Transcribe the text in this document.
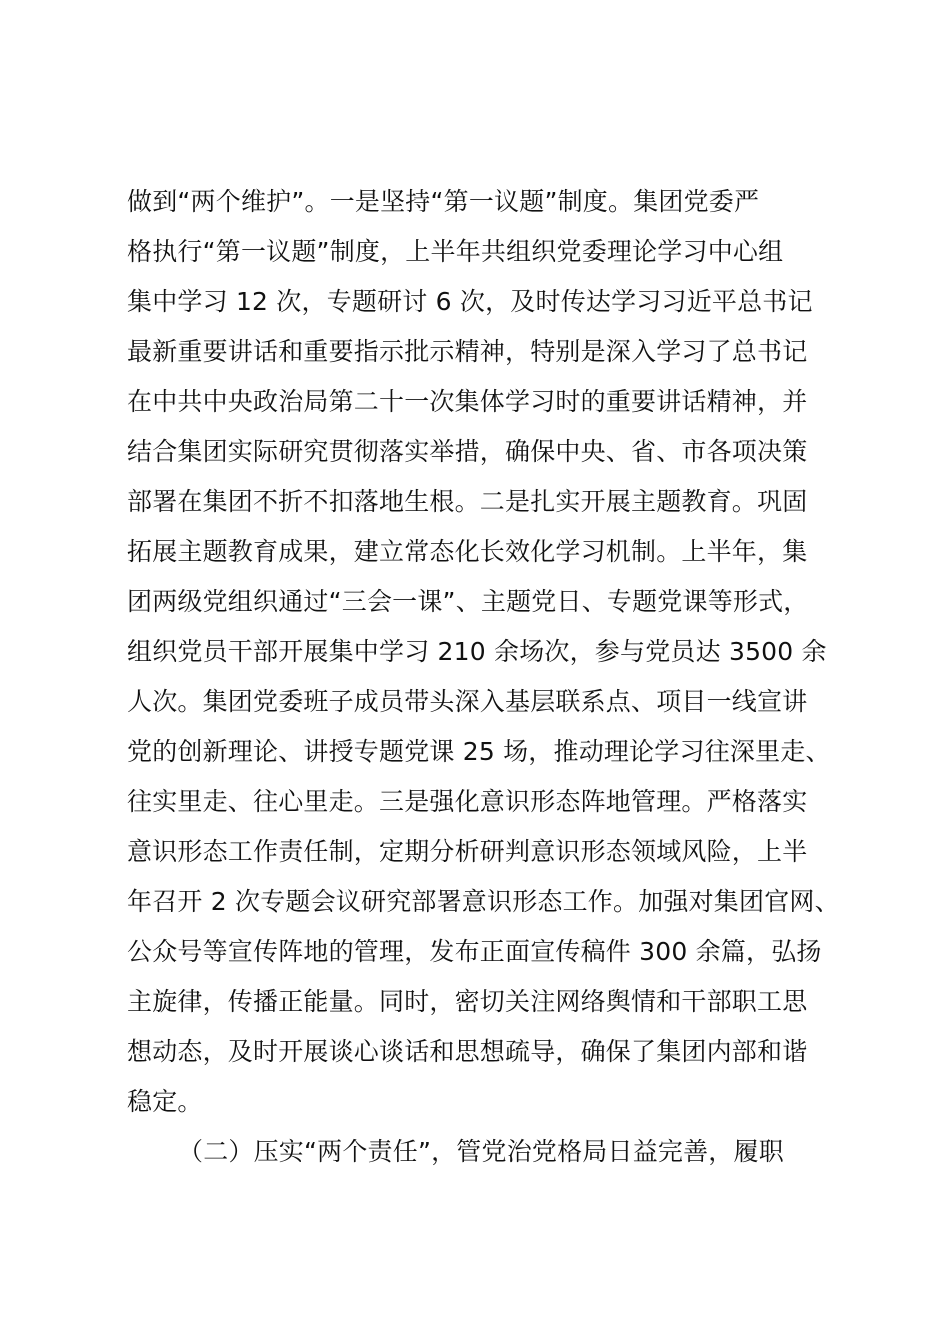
做到“两个维护”。一是坚持“第一议题”制度。集团党委严
格执行“第一议题”制度，上半年共组织党委理论学习中心组
集中学习 12 次，专题研讨 6 次，及时传达学习习近平总书记
最新重要讲话和重要指示批示精神，特别是深入学习了总书记
在中共中央政治局第二十一次集体学习时的重要讲话精神，并
结合集团实际研究贯彻落实举措，确保中央、省、市各项决策
部署在集团不折不扣落地生根。二是扎实开展主题教育。巩固
拓展主题教育成果，建立常态化长效化学习机制。上半年，集
团两级党组织通过“三会一课”、主题党日、专题党课等形式，
组织党员干部开展集中学习 210 余场次，参与党员达 3500 余
人次。集团党委班子成员带头深入基层联系点、项目一线宣讲
党的创新理论、讲授专题党课 25 场，推动理论学习往深里走、
往实里走、往心里走。三是强化意识形态阵地管理。严格落实
意识形态工作责任制，定期分析研判意识形态领域风险，上半
年召开 2 次专题会议研究部署意识形态工作。加强对集团官网、
公众号等宣传阵地的管理，发布正面宣传稿件 300 余篇，弘扬
主旋律，传播正能量。同时，密切关注网络舆情和干部职工思
想动态，及时开展谈心谈话和思想疏导，确保了集团内部和谐
稳定。
（二）压实“两个责任”，管党治党格局日益完善，履职
